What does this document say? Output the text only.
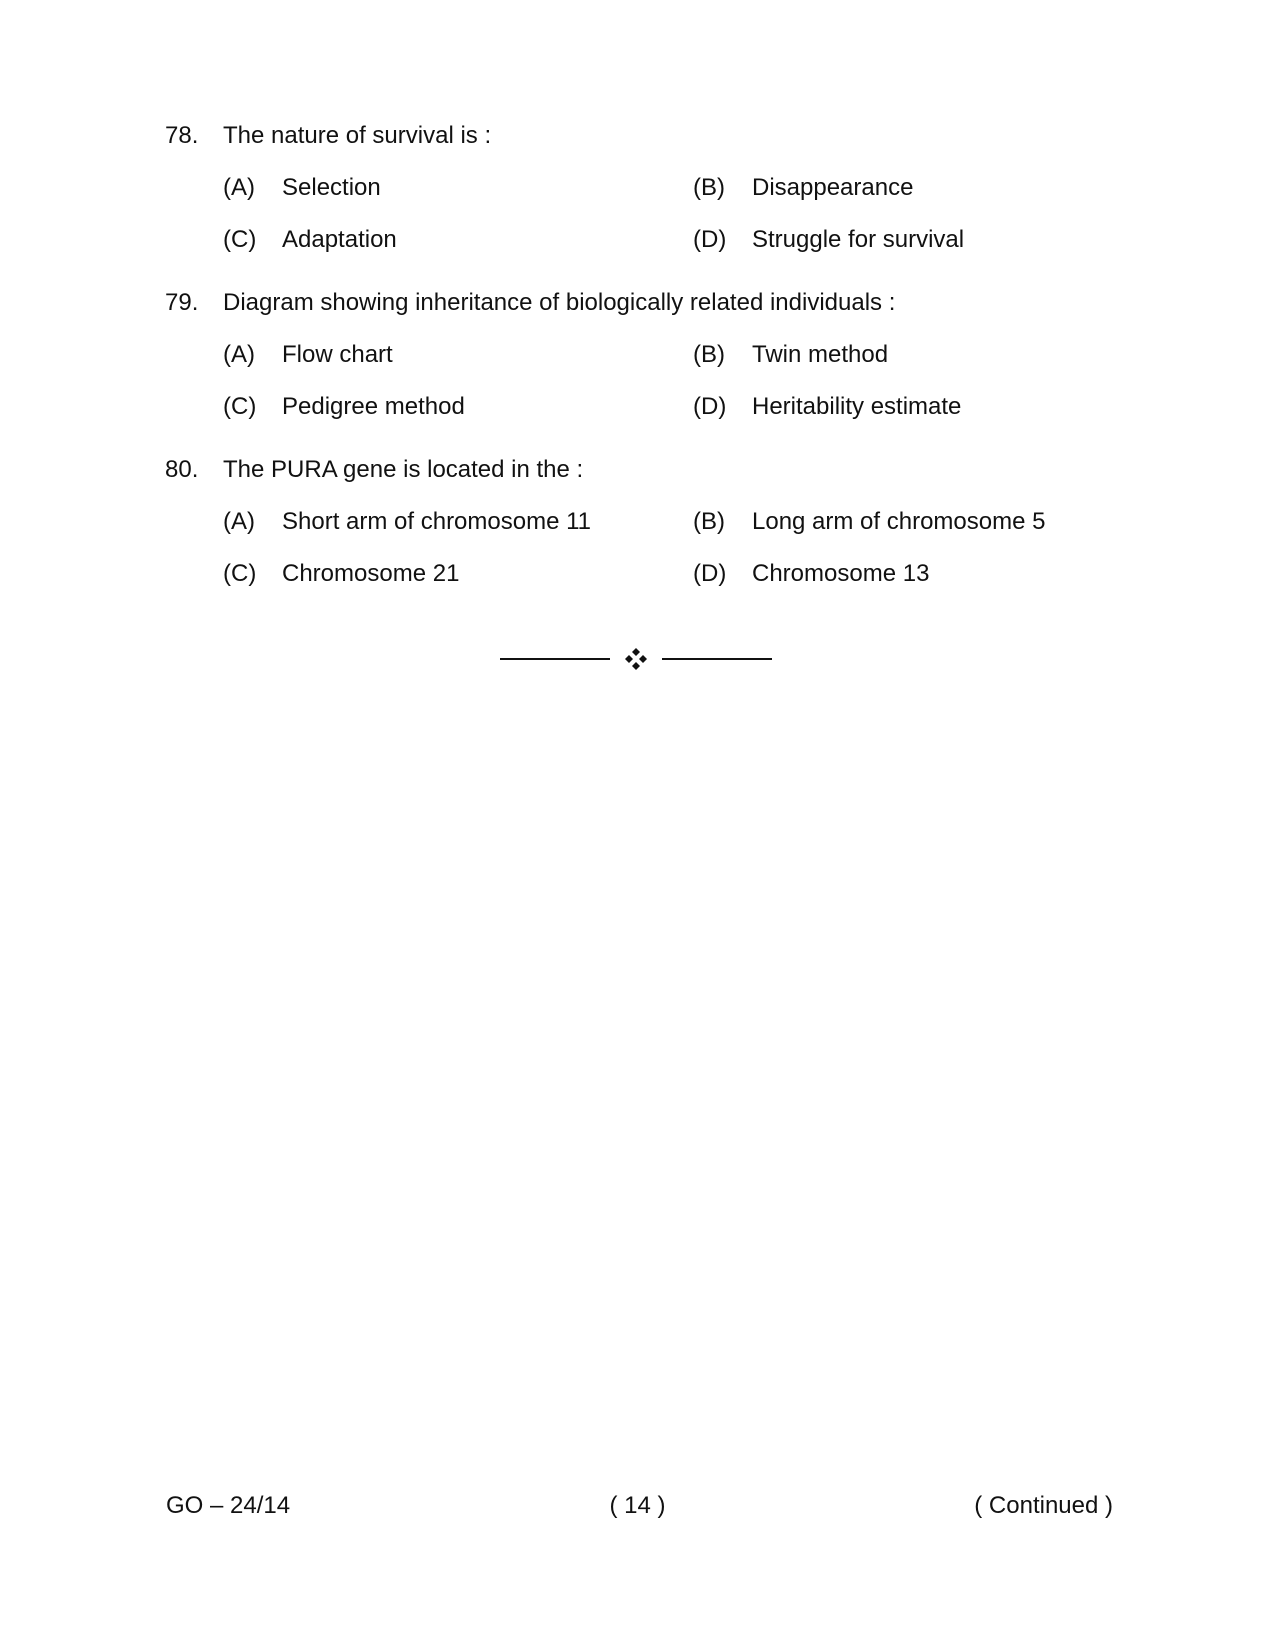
78. The nature of survival is :
(A) Selection	(B) Disappearance
(C) Adaptation	(D) Struggle for survival
79. Diagram showing inheritance of biologically related individuals :
(A) Flow chart	(B) Twin method
(C) Pedigree method	(D) Heritability estimate
80. The PURA gene is located in the :
(A) Short arm of chromosome 11	(B) Long arm of chromosome 5
(C) Chromosome 21	(D) Chromosome 13
GO – 24/14	( 14 )	( Continued )
